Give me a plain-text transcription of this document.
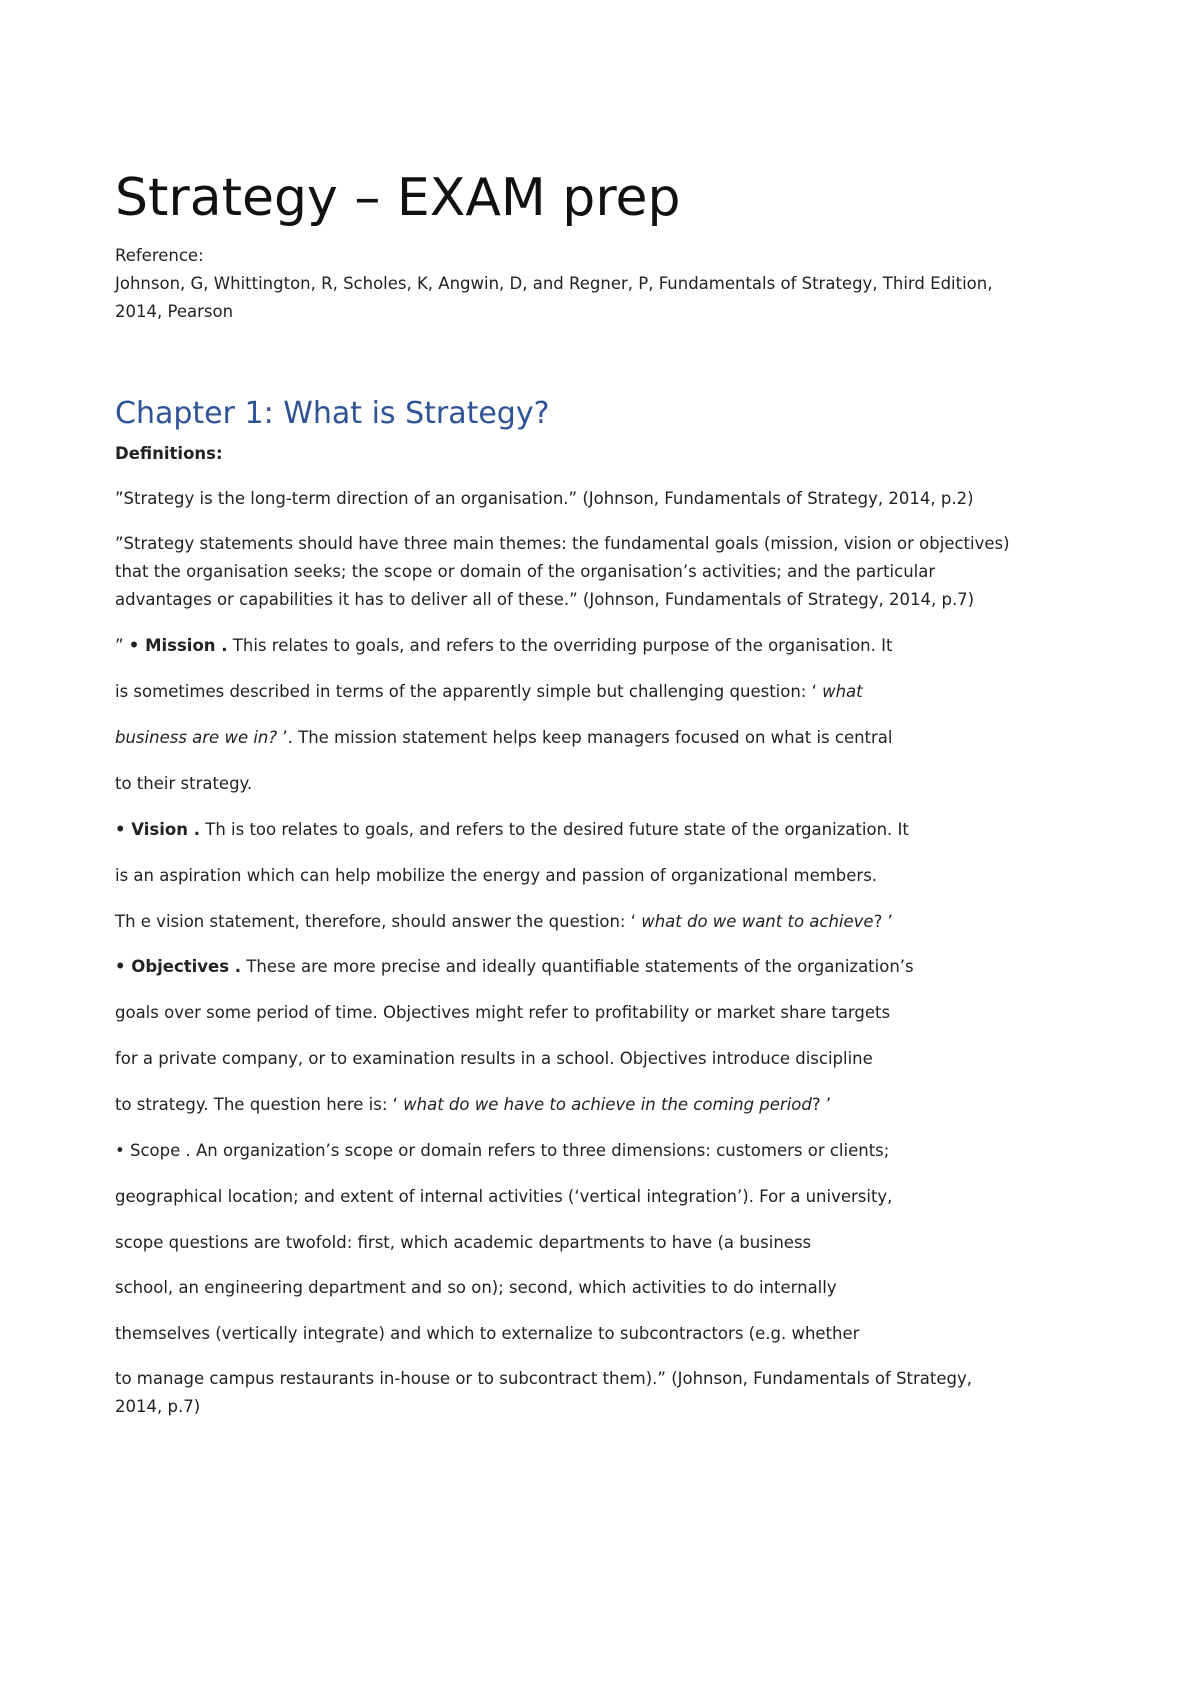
Strategy – EXAM prep

Reference:

Johnson, G, Whittington, R, Scholes, K, Angwin, D, and Regner, P, Fundamentals of Strategy, Third Edition,

2014, Pearson

Chapter 1: What is Strategy?

Definitions:

”Strategy is the long-term direction of an organisation.” (Johnson, Fundamentals of Strategy, 2014, p.2)

”Strategy statements should have three main themes: the fundamental goals (mission, vision or objectives)

that the organisation seeks; the scope or domain of the organisation’s activities; and the particular

advantages or capabilities it has to deliver all of these.” (Johnson, Fundamentals of Strategy, 2014, p.7)

” • Mission . This relates to goals, and refers to the overriding purpose of the organisation. It

is sometimes described in terms of the apparently simple but challenging question: ‘ what

business are we in? ’. The mission statement helps keep managers focused on what is central

to their strategy.

• Vision . Th is too relates to goals, and refers to the desired future state of the organization. It

is an aspiration which can help mobilize the energy and passion of organizational members.

Th e vision statement, therefore, should answer the question: ‘ what do we want to achieve? ’

• Objectives . These are more precise and ideally quantifiable statements of the organization’s

goals over some period of time. Objectives might refer to profitability or market share targets

for a private company, or to examination results in a school. Objectives introduce discipline

to strategy. The question here is: ‘ what do we have to achieve in the coming period? ’

• Scope . An organization’s scope or domain refers to three dimensions: customers or clients;

geographical location; and extent of internal activities (‘vertical integration’). For a university,

scope questions are twofold: first, which academic departments to have (a business

school, an engineering department and so on); second, which activities to do internally

themselves (vertically integrate) and which to externalize to subcontractors (e.g. whether

to manage campus restaurants in-house or to subcontract them).” (Johnson, Fundamentals of Strategy,

2014, p.7)
